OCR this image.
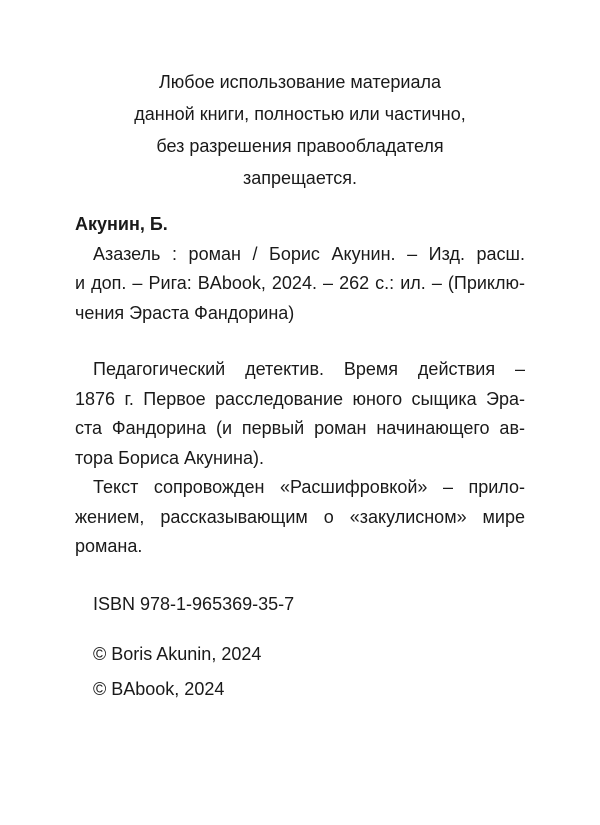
Любое использование материала
данной книги, полностью или частично,
без разрешения правообладателя
запрещается.
Акунин, Б.
Азазель : роман / Борис Акунин. – Изд. расш.
и доп. – Рига: BAbook, 2024. – 262 с.: ил. – (Приклю-
чения Эраста Фандорина)
Педагогический детектив. Время действия –
1876 г. Первое расследование юного сыщика Эра-
ста Фандорина (и первый роман начинающего ав-
тора Бориса Акунина).
Текст сопровожден «Расшифровкой» – прило-
жением, рассказывающим о «закулисном» мире
романа.
ISBN 978-1-965369-35-7
© Boris Akunin, 2024
© BAbook, 2024
